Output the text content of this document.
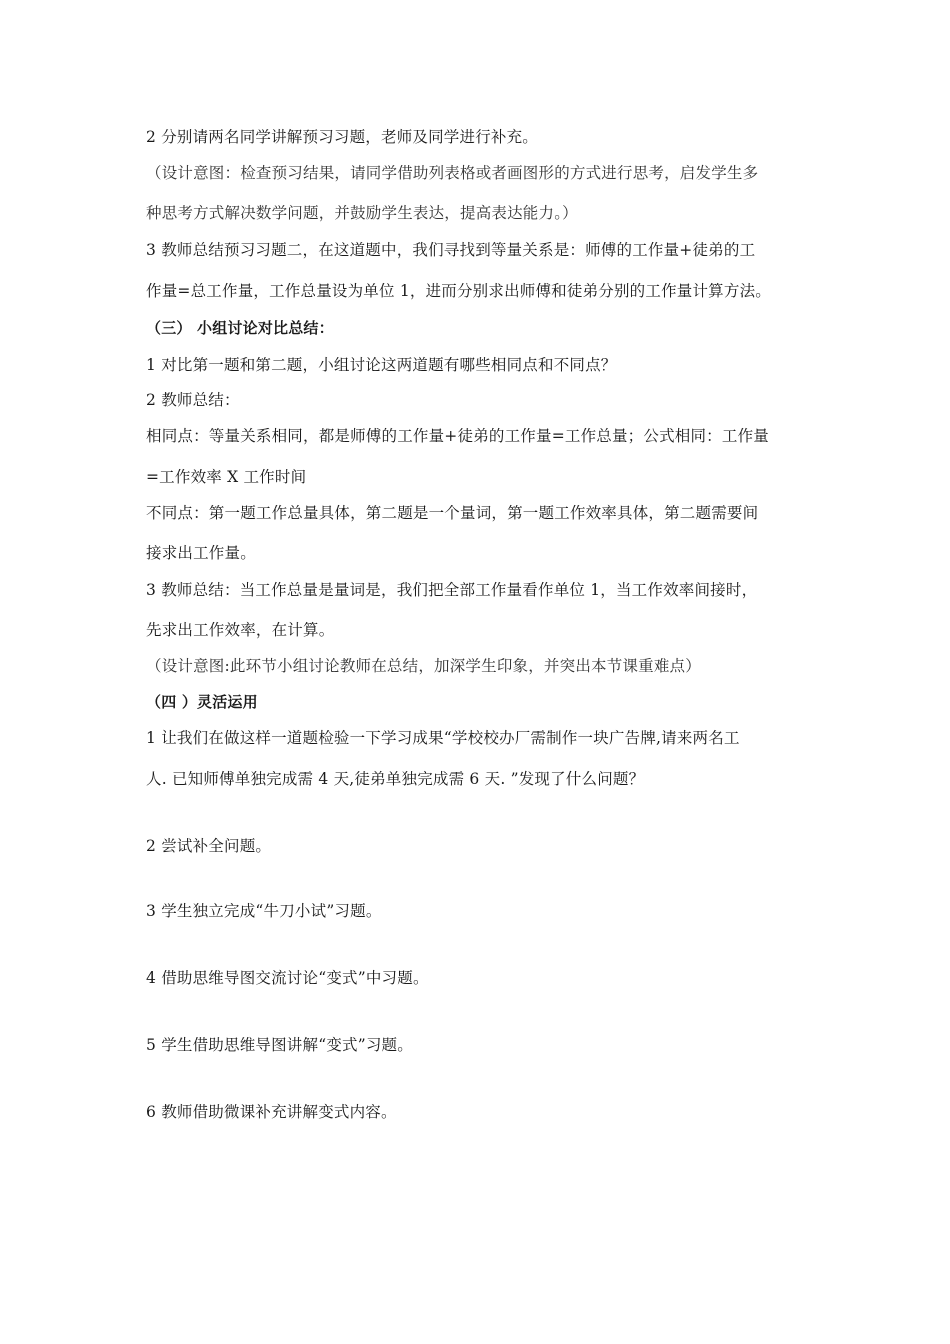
2 分别请两名同学讲解预习习题，老师及同学进行补充。
（设计意图：检查预习结果，请同学借助列表格或者画图形的方式进行思考，启发学生多
种思考方式解决数学问题，并鼓励学生表达，提高表达能力。）
3 教师总结预习习题二，在这道题中，我们寻找到等量关系是：师傅的工作量+徒弟的工
作量=总工作量，工作总量设为单位 1，进而分别求出师傅和徒弟分别的工作量计算方法。
（三） 小组讨论对比总结：
1 对比第一题和第二题，小组讨论这两道题有哪些相同点和不同点？
2 教师总结：
相同点：等量关系相同，都是师傅的工作量+徒弟的工作量=工作总量；公式相同：工作量
=工作效率 X 工作时间
不同点：第一题工作总量具体，第二题是一个量词，第一题工作效率具体，第二题需要间
接求出工作量。
3 教师总结：当工作总量是量词是，我们把全部工作量看作单位 1，当工作效率间接时，
先求出工作效率，在计算。
（设计意图:此环节小组讨论教师在总结，加深学生印象，并突出本节课重难点）
（四 ）灵活运用
1 让我们在做这样一道题检验一下学习成果“学校校办厂需制作一块广告牌,请来两名工
人. 已知师傅单独完成需 4 天,徒弟单独完成需 6 天. ”发现了什么问题？
2 尝试补全问题。
3 学生独立完成“牛刀小试”习题。
4 借助思维导图交流讨论“变式”中习题。
5 学生借助思维导图讲解“变式”习题。
6 教师借助微课补充讲解变式内容。
